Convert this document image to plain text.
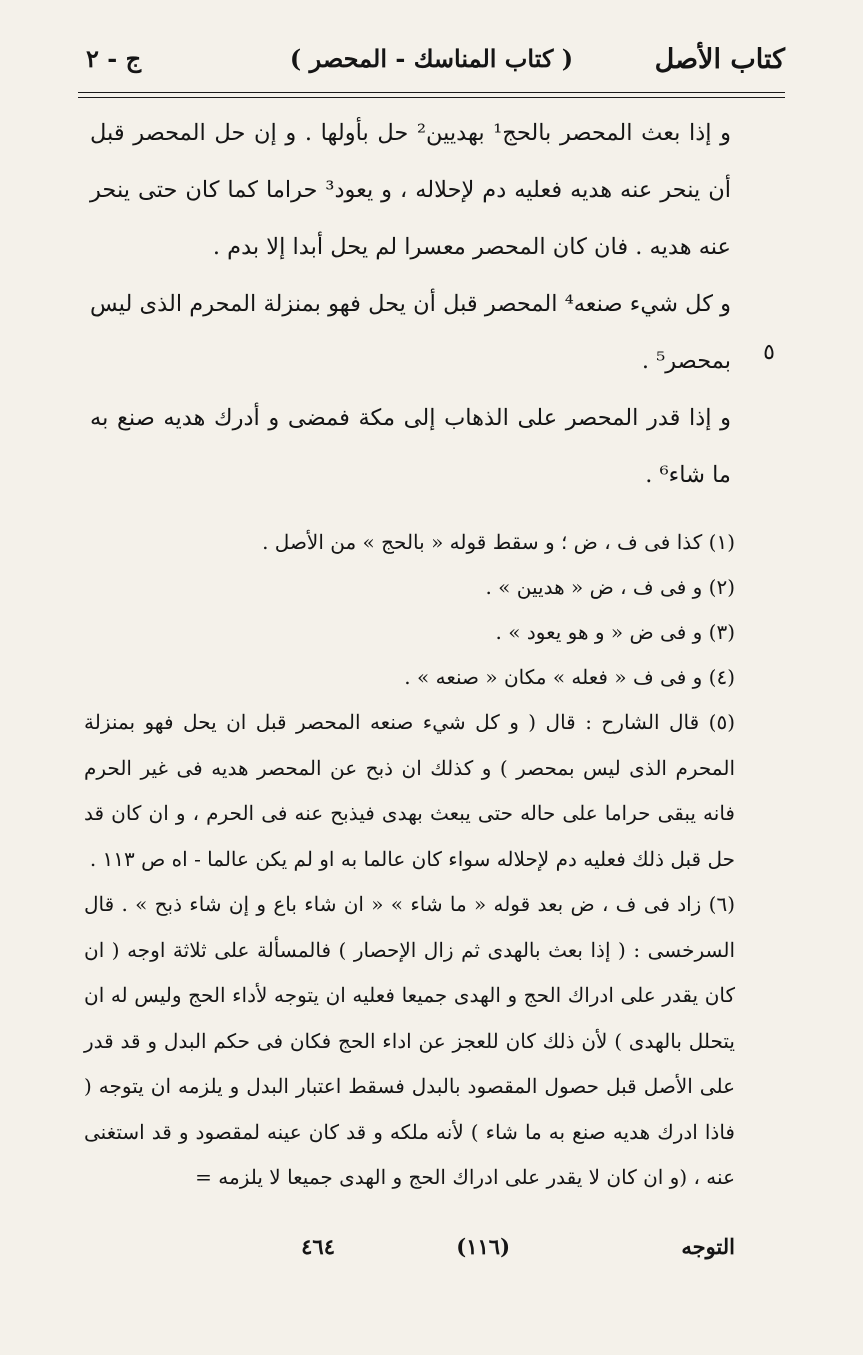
كتاب الأصل
( كتاب المناسك - المحصر )
ج - ٢

و إذا بعث المحصر بالحج¹ بهديين² حل بأولها . و إن حل المحصر قبل أن ينحر عنه هديه فعليه دم لإحلاله ، و يعود³ حراما كما كان حتى ينحر عنه هديه . فان كان المحصر معسرا لم يحل أبدا إلا بدم .

و كل شيء صنعه⁴ المحصر قبل أن يحل فهو بمنزلة المحرم الذى ليس بمحصر⁵ .

و إذا قدر المحصر على الذهاب إلى مكة فمضى و أدرك هديه صنع به ما شاء⁶ .

٥

(١) كذا فى ف ، ض ؛ و سقط قوله « بالحج » من الأصل .

(٢) و فى ف ، ض « هديين » .

(٣) و فى ض « و هو يعود » .

(٤) و فى ف « فعله » مكان « صنعه » .

(٥) قال الشارح : قال ( و كل شيء صنعه المحصر قبل ان يحل فهو بمنزلة المحرم الذى ليس بمحصر ) و كذلك ان ذبح عن المحصر هديه فى غير الحرم فانه يبقى حراما على حاله حتى يبعث بهدى فيذبح عنه فى الحرم ، و ان كان قد حل قبل ذلك فعليه دم لإحلاله سواء كان عالما به او لم يكن عالما - اه ص ١١٣ .

(٦) زاد فى ف ، ض بعد قوله « ما شاء » « ان شاء باع و إن شاء ذبح » . قال السرخسى : ( إذا بعث بالهدى ثم زال الإحصار ) فالمسألة على ثلاثة اوجه ( ان كان يقدر على ادراك الحج و الهدى جميعا فعليه ان يتوجه لأداء الحج وليس له ان يتحلل بالهدى ) لأن ذلك كان للعجز عن اداء الحج فكان فى حكم البدل و قد قدر على الأصل قبل حصول المقصود بالبدل فسقط اعتبار البدل و يلزمه ان يتوجه ( فاذا ادرك هديه صنع به ما شاء ) لأنه ملكه و قد كان عينه لمقصود و قد استغنى عنه ، (و ان كان لا يقدر على ادراك الحج و الهدى جميعا لا يلزمه =

التوجه
(١١٦)
٤٦٤
